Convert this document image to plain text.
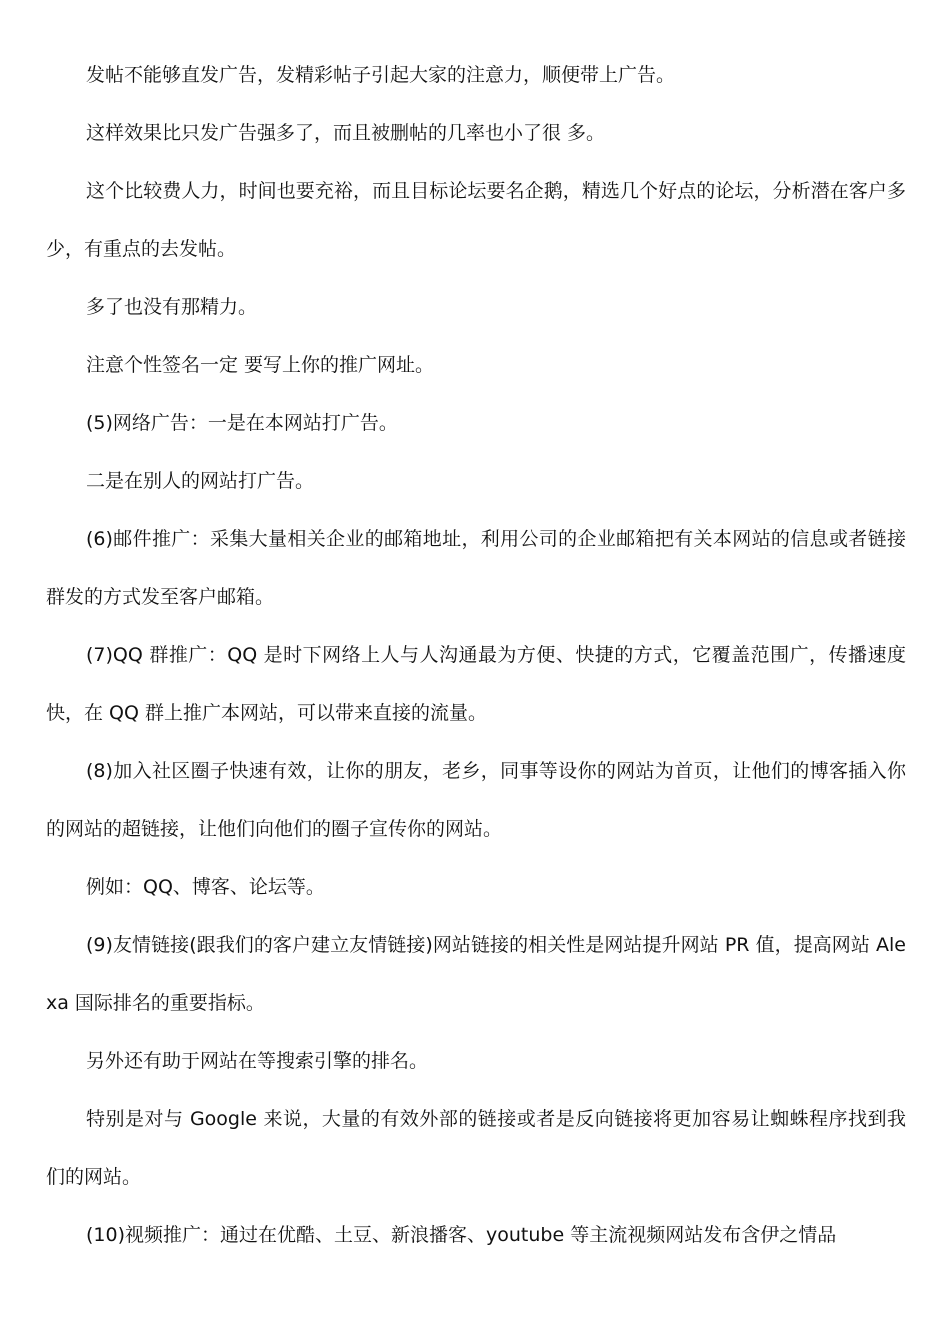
发帖不能够直发广告，发精彩帖子引起大家的注意力，顺便带上广告。

这样效果比只发广告强多了，而且被删帖的几率也小了很 多。

这个比较费人力，时间也要充裕，而且目标论坛要名企鹅，精选几个好点的论坛，分析潜在客户多少，有重点的去发帖。

多了也没有那精力。

注意个性签名一定 要写上你的推广网址。

(5)网络广告：一是在本网站打广告。

二是在别人的网站打广告。

(6)邮件推广：采集大量相关企业的邮箱地址，利用公司的企业邮箱把有关本网站的信息或者链接群发的方式发至客户邮箱。

(7)QQ 群推广：QQ 是时下网络上人与人沟通最为方便、快捷的方式，它覆盖范围广，传播速度快，在 QQ 群上推广本网站，可以带来直接的流量。

(8)加入社区圈子快速有效，让你的朋友，老乡，同事等设你的网站为首页，让他们的博客插入你的网站的超链接，让他们向他们的圈子宣传你的网站。

例如：QQ、博客、论坛等。

(9)友情链接(跟我们的客户建立友情链接)网站链接的相关性是网站提升网站 PR 值，提高网站 Alexa 国际排名的重要指标。

另外还有助于网站在等搜索引擎的排名。

特别是对与 Google 来说，大量的有效外部的链接或者是反向链接将更加容易让蜘蛛程序找到我们的网站。

(10)视频推广：通过在优酷、土豆、新浪播客、youtube 等主流视频网站发布含伊之情品
